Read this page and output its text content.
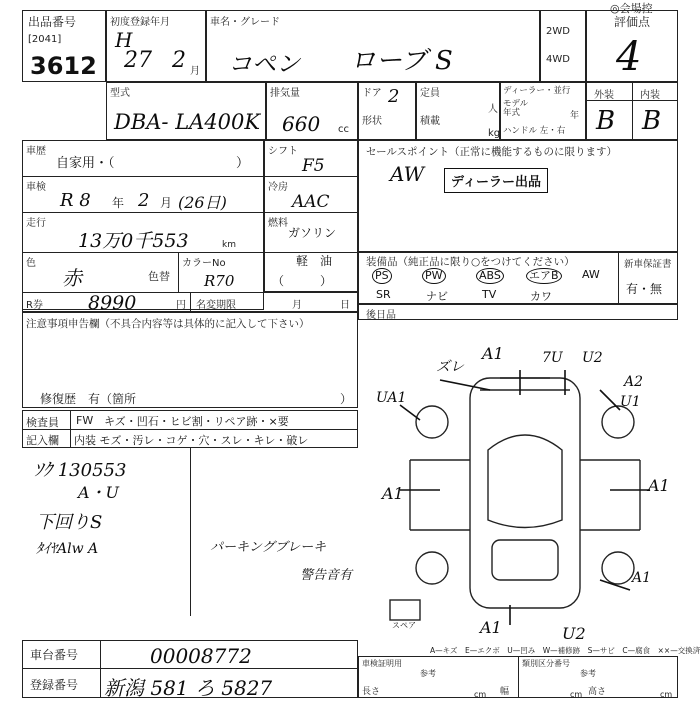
出品番号
[2041]
3612
初度登録年月
H
27 2 月
車名・グレード
コペン ローブ S
◎会場控
2WD
4WD
評価点
4
型式
DBA- LA400K
排気量
660 cc
ドア 2
形状
定員
人
積載
kg
ディーラー・並行
モデル
年式	年
ハンドル 左・右
外装	内装
B B
車歴
自家用・（	）
車検
R 8 年 2 月 (26日)
走行
13万0千553	km
色
赤	色替
カラーNo
R70
R券 8990	円 名変期限	月	日
注意事項申告欄（不具合内容等は具体的に記入して下さい）
修復歴　有（箇所	）
シフト
F5
冷房
AAC
燃料
ガソリン
軽　油
（　　　）
セールスポイント（正常に機能するものに限ります）
AW	ディーラー出品
装備品（純正品に限り○をつけてください）	新車保証書
有・無
PS	PW	ABS	エアB AW
SR	ナビ	TV	カワ
後日品
検査員
記入欄
FW キズ・凹石・ヒビ割・リペア跡・×要
内装 モズ・汚レ・コゲ・穴・スレ・キレ・破レ
ｿｸ 130553
A・U
下回りS
ﾀｲﾔAlw A	パーキングブレーキ
警告音有
ズレ
A1	7U U2
A2
U1
UA1
A1	A1
A1
A1	U2
スペア
A—キズ　E—エクボ　U—凹み　W—補修跡　S—サビ　C—腐食　××—交換済
車台番号	00008772
登録番号 新潟 581 ろ 5827
車検証明用
参考
類別区分番号
参考
長さ	cm 幅	高さ
cm	cm
